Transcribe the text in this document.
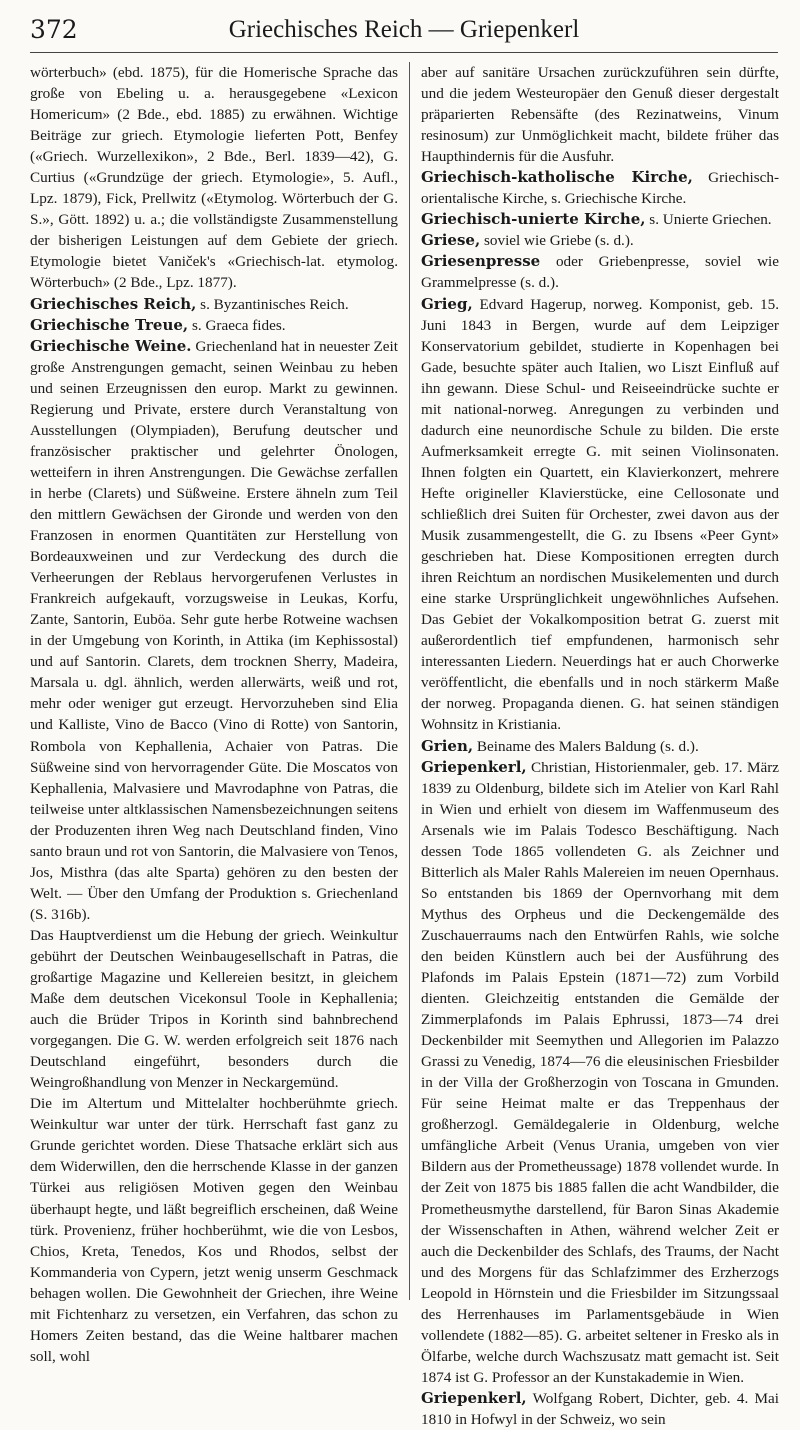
372	Griechisches Reich — Griepenkerl

wörterbuch» (ebd. 1875), für die Homerische Sprache das große von Ebeling u. a. herausgegebene «Lexicon Homericum» (2 Bde., ebd. 1885) zu erwähnen. Wichtige Beiträge zur griech. Etymologie lieferten Pott, Benfey («Griech. Wurzellexikon», 2 Bde., Berl. 1839—42), G. Curtius («Grundzüge der griech. Etymologie», 5. Aufl., Lpz. 1879), Fick, Prellwitz («Etymolog. Wörterbuch der G. S.», Gött. 1892) u. a.; die vollständigste Zusammenstellung der bisherigen Leistungen auf dem Gebiete der griech. Etymologie bietet Vaniček's «Griechisch-lat. etymolog. Wörterbuch» (2 Bde., Lpz. 1877).

Griechisches Reich, s. Byzantinisches Reich.

Griechische Treue, s. Graeca fides.

Griechische Weine. Griechenland hat in neuester Zeit große Anstrengungen gemacht, seinen Weinbau zu heben und seinen Erzeugnissen den europ. Markt zu gewinnen. Regierung und Private, erstere durch Veranstaltung von Ausstellungen (Olympiaden), Berufung deutscher und französischer praktischer und gelehrter Önologen, wetteifern in ihren Anstrengungen. Die Gewächse zerfallen in herbe (Clarets) und Süßweine. Erstere ähneln zum Teil den mittlern Gewächsen der Gironde und werden von den Franzosen in enormen Quantitäten zur Herstellung von Bordeauxweinen und zur Verdeckung des durch die Verheerungen der Reblaus hervorgerufenen Verlustes in Frankreich aufgekauft, vorzugsweise in Leukas, Korfu, Zante, Santorin, Euböa. Sehr gute herbe Rotweine wachsen in der Umgebung von Korinth, in Attika (im Kephissostal) und auf Santorin. Clarets, dem trocknen Sherry, Madeira, Marsala u. dgl. ähnlich, werden allerwärts, weiß und rot, mehr oder weniger gut erzeugt. Hervorzuheben sind Elia und Kalliste, Vino de Bacco (Vino di Rotte) von Santorin, Rombola von Kephallenia, Achaier von Patras. Die Süßweine sind von hervorragender Güte. Die Moscatos von Kephallenia, Malvasiere und Mavrodaphne von Patras, die teilweise unter altklassischen Namensbezeichnungen seitens der Produzenten ihren Weg nach Deutschland finden, Vino santo braun und rot von Santorin, die Malvasiere von Tenos, Jos, Misthra (das alte Sparta) gehören zu den besten der Welt. — Über den Umfang der Produktion s. Griechenland (S. 316b).

Das Hauptverdienst um die Hebung der griech. Weinkultur gebührt der Deutschen Weinbaugesellschaft in Patras, die großartige Magazine und Kellereien besitzt, in gleichem Maße dem deutschen Vicekonsul Toole in Kephallenia; auch die Brüder Tripos in Korinth sind bahnbrechend vorgegangen. Die G. W. werden erfolgreich seit 1876 nach Deutschland eingeführt, besonders durch die Weingroßhandlung von Menzer in Neckargemünd.

Die im Altertum und Mittelalter hochberühmte griech. Weinkultur war unter der türk. Herrschaft fast ganz zu Grunde gerichtet worden. Diese Thatsache erklärt sich aus dem Widerwillen, den die herrschende Klasse in der ganzen Türkei aus religiösen Motiven gegen den Weinbau überhaupt hegte, und läßt begreiflich erscheinen, daß Weine türk. Provenienz, früher hochberühmt, wie die von Lesbos, Chios, Kreta, Tenedos, Kos und Rhodos, selbst der Kommanderia von Cypern, jetzt wenig unserm Geschmack behagen wollen. Die Gewohnheit der Griechen, ihre Weine mit Fichtenharz zu versetzen, ein Verfahren, das schon zu Homers Zeiten bestand, das die Weine haltbarer machen soll, wohl

aber auf sanitäre Ursachen zurückzuführen sein dürfte, und die jedem Westeuropäer den Genuß dieser dergestalt präparierten Rebensäfte (des Rezinatweins, Vinum resinosum) zur Unmöglichkeit macht, bildete früher das Haupthindernis für die Ausfuhr.

Griechisch-katholische Kirche, Griechisch-orientalische Kirche, s. Griechische Kirche.

Griechisch-unierte Kirche, s. Unierte Griechen.

Griese, soviel wie Griebe (s. d.).

Griesenpresse oder Griebenpresse, soviel wie Grammelpresse (s. d.).

Grieg, Edvard Hagerup, norweg. Komponist, geb. 15. Juni 1843 in Bergen, wurde auf dem Leipziger Konservatorium gebildet, studierte in Kopenhagen bei Gade, besuchte später auch Italien, wo Liszt Einfluß auf ihn gewann. Diese Schul- und Reiseeindrücke suchte er mit national-norweg. Anregungen zu verbinden und dadurch eine neunordische Schule zu bilden. Die erste Aufmerksamkeit erregte G. mit seinen Violinsonaten. Ihnen folgten ein Quartett, ein Klavierkonzert, mehrere Hefte origineller Klavierstücke, eine Cellosonate und schließlich drei Suiten für Orchester, zwei davon aus der Musik zusammengestellt, die G. zu Ibsens «Peer Gynt» geschrieben hat. Diese Kompositionen erregten durch ihren Reichtum an nordischen Musikelementen und durch eine starke Ursprünglichkeit ungewöhnliches Aufsehen. Das Gebiet der Vokalkomposition betrat G. zuerst mit außerordentlich tief empfundenen, harmonisch sehr interessanten Liedern. Neuerdings hat er auch Chorwerke veröffentlicht, die ebenfalls und in noch stärkerm Maße der norweg. Propaganda dienen. G. hat seinen ständigen Wohnsitz in Kristiania.

Grien, Beiname des Malers Baldung (s. d.).

Griepenkerl, Christian, Historienmaler, geb. 17. März 1839 zu Oldenburg, bildete sich im Atelier von Karl Rahl in Wien und erhielt von diesem im Waffenmuseum des Arsenals wie im Palais Todesco Beschäftigung. Nach dessen Tode 1865 vollendeten G. als Zeichner und Bitterlich als Maler Rahls Malereien im neuen Opernhaus. So entstanden bis 1869 der Opernvorhang mit dem Mythus des Orpheus und die Deckengemälde des Zuschauerraums nach den Entwürfen Rahls, wie solche den beiden Künstlern auch bei der Ausführung des Plafonds im Palais Epstein (1871—72) zum Vorbild dienten. Gleichzeitig entstanden die Gemälde der Zimmerplafonds im Palais Ephrussi, 1873—74 drei Deckenbilder mit Seemythen und Allegorien im Palazzo Grassi zu Venedig, 1874—76 die eleusinischen Friesbilder in der Villa der Großherzogin von Toscana in Gmunden. Für seine Heimat malte er das Treppenhaus der großherzogl. Gemäldegalerie in Oldenburg, welche umfängliche Arbeit (Venus Urania, umgeben von vier Bildern aus der Prometheussage) 1878 vollendet wurde. In der Zeit von 1875 bis 1885 fallen die acht Wandbilder, die Prometheusmythe darstellend, für Baron Sinas Akademie der Wissenschaften in Athen, während welcher Zeit er auch die Deckenbilder des Schlafs, des Traums, der Nacht und des Morgens für das Schlafzimmer des Erzherzogs Leopold in Hörnstein und die Friesbilder im Sitzungssaal des Herrenhauses im Parlamentsgebäude in Wien vollendete (1882—85). G. arbeitet seltener in Fresko als in Ölfarbe, welche durch Wachszusatz matt gemacht ist. Seit 1874 ist G. Professor an der Kunstakademie in Wien.

Griepenkerl, Wolfgang Robert, Dichter, geb. 4. Mai 1810 in Hofwyl in der Schweiz, wo sein
